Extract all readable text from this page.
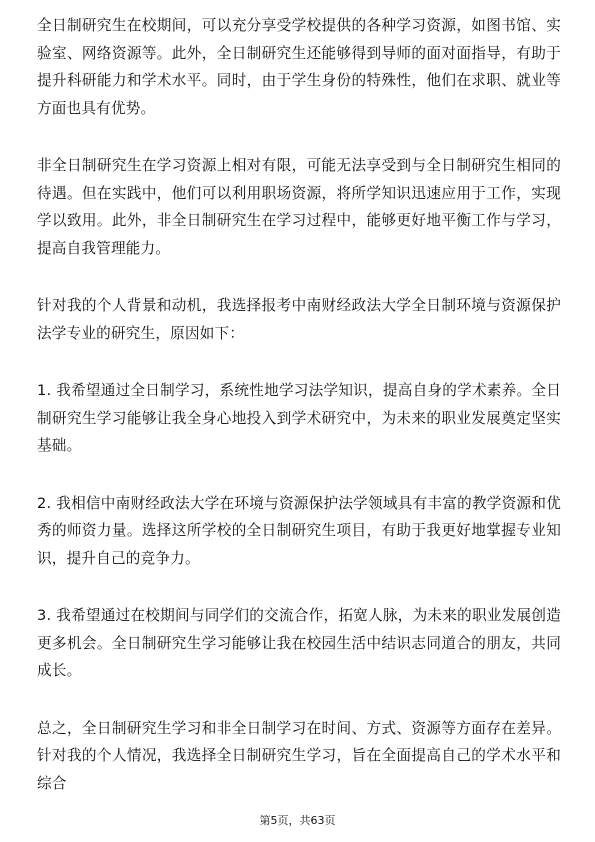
全日制研究生在校期间，可以充分享受学校提供的各种学习资源，如图书馆、实验室、网络资源等。此外，全日制研究生还能够得到导师的面对面指导，有助于提升科研能力和学术水平。同时，由于学生身份的特殊性，他们在求职、就业等方面也具有优势。

非全日制研究生在学习资源上相对有限，可能无法享受到与全日制研究生相同的待遇。但在实践中，他们可以利用职场资源，将所学知识迅速应用于工作，实现学以致用。此外，非全日制研究生在学习过程中，能够更好地平衡工作与学习，提高自我管理能力。

针对我的个人背景和动机，我选择报考中南财经政法大学全日制环境与资源保护法学专业的研究生，原因如下：

1. 我希望通过全日制学习，系统性地学习法学知识，提高自身的学术素养。全日制研究生学习能够让我全身心地投入到学术研究中，为未来的职业发展奠定坚实基础。

2. 我相信中南财经政法大学在环境与资源保护法学领域具有丰富的教学资源和优秀的师资力量。选择这所学校的全日制研究生项目，有助于我更好地掌握专业知识，提升自己的竞争力。

3. 我希望通过在校期间与同学们的交流合作，拓宽人脉，为未来的职业发展创造更多机会。全日制研究生学习能够让我在校园生活中结识志同道合的朋友，共同成长。

总之，全日制研究生学习和非全日制学习在时间、方式、资源等方面存在差异。针对我的个人情况，我选择全日制研究生学习，旨在全面提高自己的学术水平和综合

第5页，共63页
